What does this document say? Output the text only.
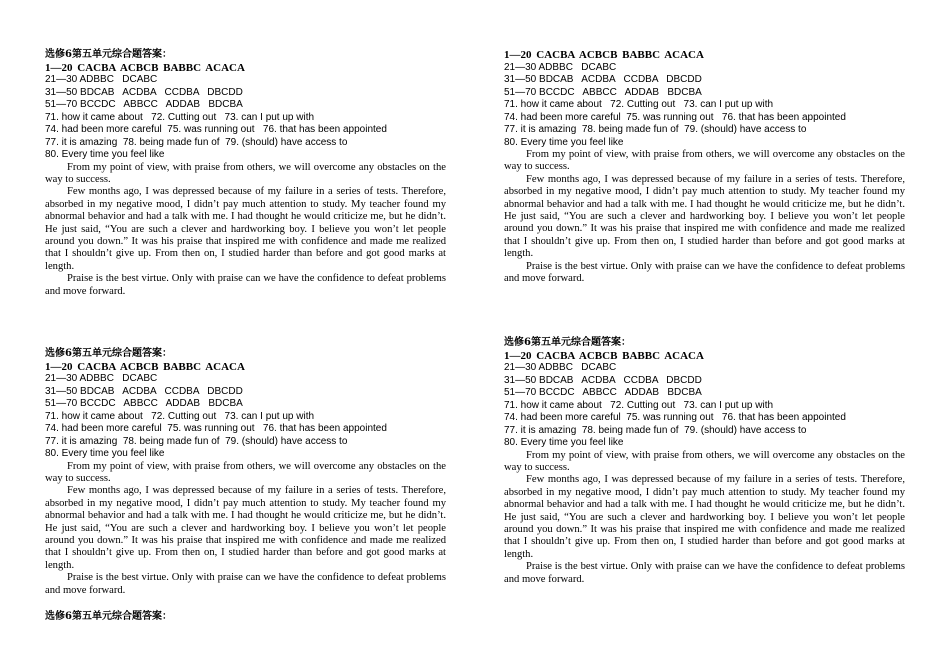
选修6第五单元综合题答案：

1—20 CACBA ACBCB BABBC ACACA

21—30 ADBBC   DCABC

31—50 BDCAB   ACDBA   CCDBA   DBCDD

51—70 BCCDC   ABBCC   ADDAB   BDCBA

71. how it came about   72. Cutting out   73. can I put up with

74. had been more careful  75. was running out   76. that has been appointed

77. it is amazing  78. being made fun of  79. (should) have access to

80. Every time you feel like

From my point of view, with praise from others, we will overcome any obstacles on the way to success.

Few months ago, I was depressed because of my failure in a series of tests. Therefore, absorbed in my negative mood, I didn’t pay much attention to study. My teacher found my abnormal behavior and had a talk with me. I had thought he would criticize me, but he didn’t. He just said, “You are such a clever and hardworking boy. I believe you won’t let people around you down.” It was his praise that inspired me with confidence and made me realized that I shouldn’t give up. From then on, I studied harder than before and got good marks at length.

Praise is the best virtue. Only with praise can we have the confidence to defeat problems and move forward.

1—20 CACBA ACBCB BABBC ACACA

21—30 ADBBC   DCABC

31—50 BDCAB   ACDBA   CCDBA   DBCDD

51—70 BCCDC   ABBCC   ADDAB   BDCBA

71. how it came about   72. Cutting out   73. can I put up with

74. had been more careful  75. was running out   76. that has been appointed

77. it is amazing  78. being made fun of  79. (should) have access to

80. Every time you feel like

From my point of view, with praise from others, we will overcome any obstacles on the way to success.

Few months ago, I was depressed because of my failure in a series of tests. Therefore, absorbed in my negative mood, I didn’t pay much attention to study. My teacher found my abnormal behavior and had a talk with me. I had thought he would criticize me, but he didn’t. He just said, “You are such a clever and hardworking boy. I believe you won’t let people around you down.” It was his praise that inspired me with confidence and made me realized that I shouldn’t give up. From then on, I studied harder than before and got good marks at length.

Praise is the best virtue. Only with praise can we have the confidence to defeat problems and move forward.

选修6第五单元综合题答案：

1—20 CACBA ACBCB BABBC ACACA

21—30 ADBBC   DCABC

31—50 BDCAB   ACDBA   CCDBA   DBCDD

51—70 BCCDC   ABBCC   ADDAB   BDCBA

71. how it came about   72. Cutting out   73. can I put up with

74. had been more careful  75. was running out   76. that has been appointed

77. it is amazing  78. being made fun of  79. (should) have access to

80. Every time you feel like

From my point of view, with praise from others, we will overcome any obstacles on the way to success.

Few months ago, I was depressed because of my failure in a series of tests. Therefore, absorbed in my negative mood, I didn’t pay much attention to study. My teacher found my abnormal behavior and had a talk with me. I had thought he would criticize me, but he didn’t. He just said, “You are such a clever and hardworking boy. I believe you won’t let people around you down.” It was his praise that inspired me with confidence and made me realized that I shouldn’t give up. From then on, I studied harder than before and got good marks at length.

Praise is the best virtue. Only with praise can we have the confidence to defeat problems and move forward.

选修6第五单元综合题答案：

1—20 CACBA ACBCB BABBC ACACA

21—30 ADBBC   DCABC

31—50 BDCAB   ACDBA   CCDBA   DBCDD

51—70 BCCDC   ABBCC   ADDAB   BDCBA

71. how it came about   72. Cutting out   73. can I put up with

74. had been more careful  75. was running out   76. that has been appointed

77. it is amazing  78. being made fun of  79. (should) have access to

80. Every time you feel like

From my point of view, with praise from others, we will overcome any obstacles on the way to success.

Few months ago, I was depressed because of my failure in a series of tests. Therefore, absorbed in my negative mood, I didn’t pay much attention to study. My teacher found my abnormal behavior and had a talk with me. I had thought he would criticize me, but he didn’t. He just said, “You are such a clever and hardworking boy. I believe you won’t let people around you down.” It was his praise that inspired me with confidence and made me realized that I shouldn’t give up. From then on, I studied harder than before and got good marks at length.

Praise is the best virtue. Only with praise can we have the confidence to defeat problems and move forward.

选修6第五单元综合题答案：
